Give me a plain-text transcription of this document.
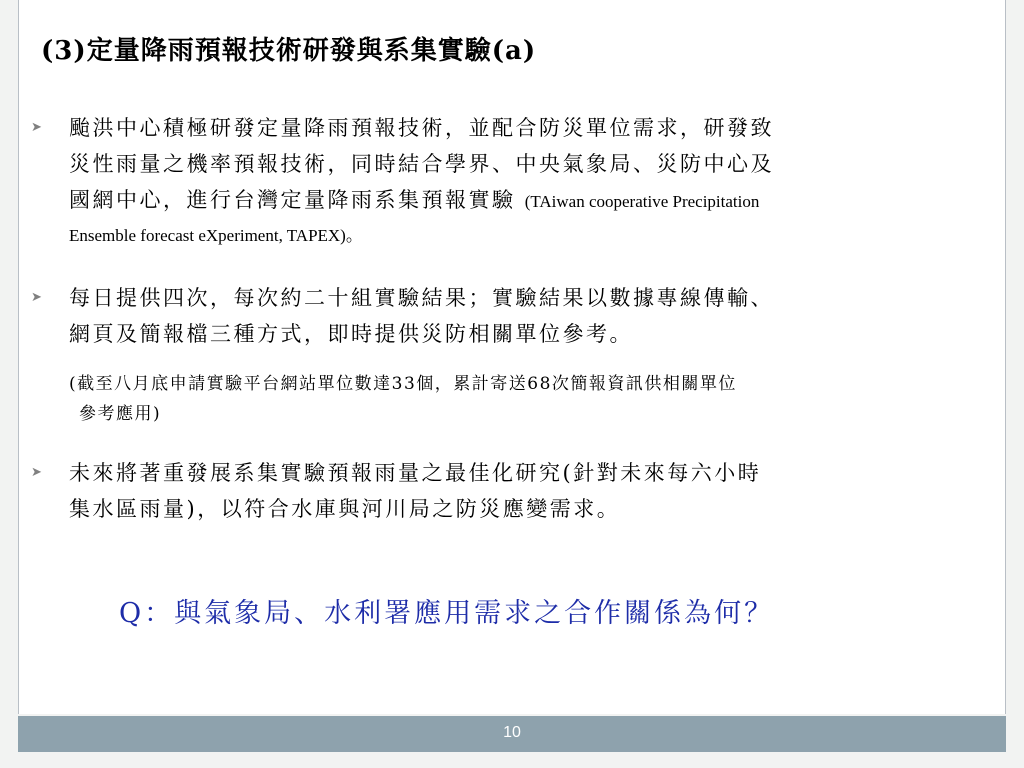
(3)定量降雨預報技術研發與系集實驗(a)
➤ 颱洪中心積極研發定量降雨預報技術，並配合防災單位需求，研發致
災性雨量之機率預報技術，同時結合學界、中央氣象局、災防中心及
國網中心，進行台灣定量降雨系集預報實驗 (TAiwan cooperative Precipitation
Ensemble forecast eXperiment, TAPEX)。
➤ 每日提供四次，每次約二十組實驗結果；實驗結果以數據專線傳輸、
網頁及簡報檔三種方式，即時提供災防相關單位參考。
(截至八月底申請實驗平台網站單位數達33個，累計寄送68次簡報資訊供相關單位
參考應用)
➤ 未來將著重發展系集實驗預報雨量之最佳化研究(針對未來每六小時
集水區雨量)，以符合水庫與河川局之防災應變需求。
Q：與氣象局、水利署應用需求之合作關係為何？
10
